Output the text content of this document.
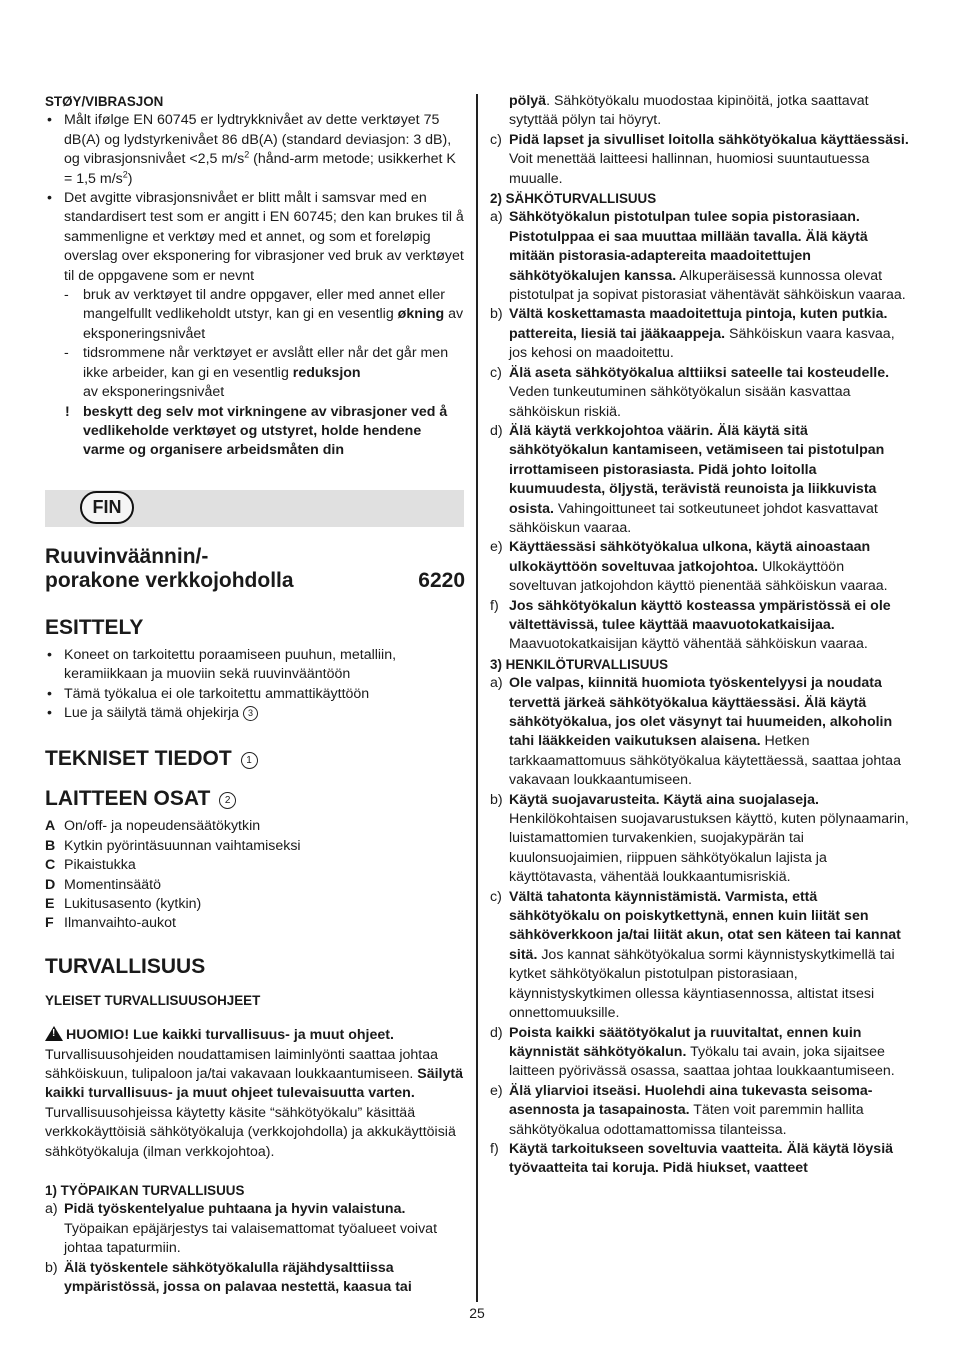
STØY/VIBRASJON

• Målt ifølge EN 60745 er lydtrykknivået av dette verktøyet 75 dB(A) og lydstyrkenivået 86 dB(A) (standard deviasjon: 3 dB), og vibrasjonsnivået <2,5 $m/s^2$ (hånd-arm metode; usikkerhet K = 1,5 $m/s^2$)

• Det avgitte vibrasjonsnivået er blitt målt i samsvar med en standardisert test som er angitt i EN 60745; den kan brukes til å sammenligne et verktøy med et annet, og som et foreløpig overslag over eksponering for vibrasjoner ved bruk av verktøyet til de oppgavene som er nevnt

- bruk av verktøyet til andre oppgaver, eller med annet eller mangelfullt vedlikeholdt utstyr, kan gi en vesentlig økning av eksponeringsnivået

- tidsrommene når verktøyet er avslått eller når det går men ikke arbeider, kan gi en vesentlig reduksjon
av eksponeringsnivået

! beskytt deg selv mot virkningene av vibrasjoner ved å vedlikeholde verktøyet og utstyret, holde hendene varme og organisere arbeidsmåten din

FIN
Ruuvinväännin/-
porakone verkkojohdolla	6220
ESITTELY

• Koneet on tarkoitettu poraamiseen puuhun, metalliin, keramiikkaan ja muoviin sekä ruuvinvääntöön

• Tämä työkalua ei ole tarkoitettu ammattikäyttöön

• Lue ja säilytä tämä ohjekirja 3

TEKNISET TIEDOT 1
LAITTEEN OSAT 2

A On/off- ja nopeudensäätökytkin

B Kytkin pyörintäsuunnan vaihtamiseksi

C Pikaistukka

D Momentinsäätö

E Lukitusasento (kytkin)

F Ilmanvaihto-aukot

TURVALLISUUS

YLEISET TURVALLISUUSOHJEET

!HUOMIO! Lue kaikki turvallisuus- ja muut ohjeet. Turvallisuusohjeiden noudattamisen laiminlyönti saattaa johtaa sähköiskuun, tulipaloon ja/tai vakavaan loukkaantumiseen. Säilytä kaikki turvallisuus- ja muut ohjeet tulevaisuutta varten. Turvallisuusohjeissa käytetty käsite “sähkötyökalu” käsittää verkkokäyttöisiä sähkötyökaluja (verkkojohdolla) ja akkukäyttöisiä sähkötyökaluja (ilman verkkojohtoa).

1) TYÖPAIKAN TURVALLISUUS

a) Pidä työskentelyalue puhtaana ja hyvin valaistuna. Työpaikan epäjärjestys tai valaisemattomat työalueet voivat johtaa tapaturmiin.

b) Älä työskentele sähkötyökalulla räjähdysalttiissa ympäristössä, jossa on palavaa nestettä, kaasua tai

pölyä. Sähkötyökalu muodostaa kipinöitä, jotka saattavat sytyttää pölyn tai höyryt.

c) Pidä lapset ja sivulliset loitolla sähkötyökalua käyttäessäsi. Voit menettää laitteesi hallinnan, huomiosi suuntautuessa muualle.

2) SÄHKÖTURVALLISUUS

a) Sähkötyökalun pistotulpan tulee sopia pistorasiaan. Pistotulppaa ei saa muuttaa millään tavalla. Älä käytä mitään pistorasia-adaptereita maadoitettujen sähkötyökalujen kanssa. Alkuperäisessä kunnossa olevat pistotulpat ja sopivat pistorasiat vähentävät sähköiskun vaaraa.

b) Vältä koskettamasta maadoitettuja pintoja, kuten putkia. pattereita, liesiä tai jääkaappeja. Sähköiskun vaara kasvaa, jos kehosi on maadoitettu.

c) Älä aseta sähkötyökalua alttiiksi sateelle tai kosteudelle. Veden tunkeutuminen sähkötyökalun sisään kasvattaa sähköiskun riskiä.

d) Älä käytä verkkojohtoa väärin. Älä käytä sitä sähkötyökalun kantamiseen, vetämiseen tai pistotulpan irrottamiseen pistorasiasta. Pidä johto loitolla kuumuudesta, öljystä, terävistä reunoista ja liikkuvista osista. Vahingoittuneet tai sotkeutuneet johdot kasvattavat sähköiskun vaaraa.

e) Käyttäessäsi sähkötyökalua ulkona, käytä ainoastaan ulkokäyttöön soveltuvaa jatkojohtoa. Ulkokäyttöön soveltuvan jatkojohdon käyttö pienentää sähköiskun vaaraa.

f) Jos sähkötyökalun käyttö kosteassa ympäristössä ei ole vältettävissä, tulee käyttää maavuotokatkaisijaa. Maavuotokatkaisijan käyttö vähentää sähköiskun vaaraa.

3) HENKILÖTURVALLISUUS

a) Ole valpas, kiinnitä huomiota työskentelyysi ja noudata tervettä järkeä sähkötyökalua käyttäessäsi. Älä käytä sähkötyökalua, jos olet väsynyt tai huumeiden, alkoholin tahi lääkkeiden vaikutuksen alaisena. Hetken tarkkaamattomuus sähkötyökalua käytettäessä, saattaa johtaa vakavaan loukkaantumiseen.

b) Käytä suojavarusteita. Käytä aina suojalaseja. Henkilökohtaisen suojavarustuksen käyttö, kuten pölynaamarin, luistamattomien turvakenkien, suojakypärän tai kuulonsuojaimien, riippuen sähkötyökalun lajista ja käyttötavasta, vähentää loukkaantumisriskiä.

c) Vältä tahatonta käynnistämistä. Varmista, että sähkötyökalu on poiskytkettynä, ennen kuin liität sen sähköverkkoon ja/tai liität akun, otat sen käteen tai kannat sitä. Jos kannat sähkötyökalua sormi käynnistyskytkimellä tai kytket sähkötyökalun pistotulpan pistorasiaan, käynnistyskytkimen ollessa käyntiasennossa, altistat itsesi onnettomuuksille.

d) Poista kaikki säätötyökalut ja ruuvitaltat, ennen kuin käynnistät sähkötyökalun. Työkalu tai avain, joka sijaitsee laitteen pyörivässä osassa, saattaa johtaa loukkaantumiseen.

e) Älä yliarvioi itseäsi. Huolehdi aina tukevasta seisoma-asennosta ja tasapainosta. Täten voit paremmin hallita sähkötyökalua odottamattomissa tilanteissa.

f) Käytä tarkoitukseen soveltuvia vaatteita. Älä käytä löysiä työvaatteita tai koruja. Pidä hiukset, vaatteet

25
